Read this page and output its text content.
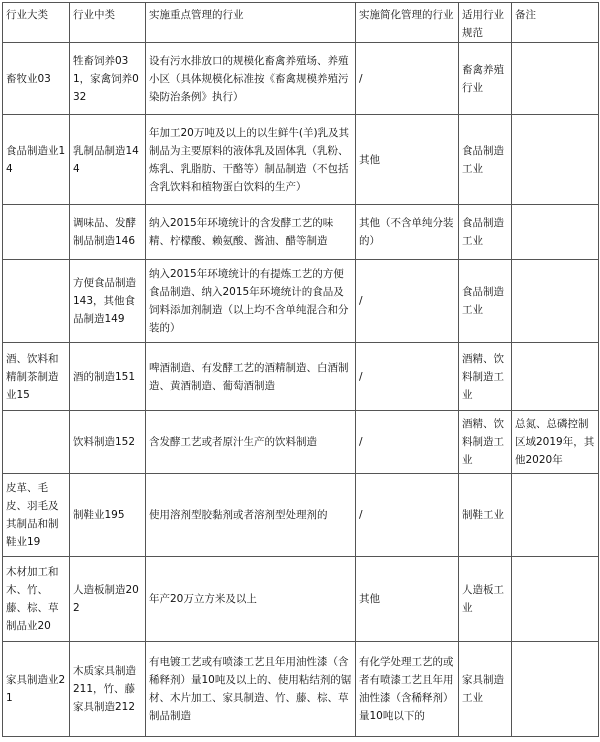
行业大类	行业中类	实施重点管理的行业	实施简化管理的行业	适用行业规范	备注
畜牧业03	牲畜饲养031，家禽饲养032	设有污水排放口的规模化畜禽养殖场、养殖小区（具体规模化标准按《畜禽规模养殖污染防治条例》执行）	/	畜禽养殖行业	
食品制造业14	乳制品制造144	年加工20万吨及以上的以生鲜牛(羊)乳及其制品为主要原料的液体乳及固体乳（乳粉、炼乳、乳脂肪、干酪等）制品制造（不包括含乳饮料和植物蛋白饮料的生产）	其他	食品制造工业	
	调味品、发酵制品制造146	纳入2015年环境统计的含发酵工艺的味精、柠檬酸、赖氨酸、酱油、醋等制造	其他（不含单纯分装的）	食品制造工业	
	方便食品制造143，其他食品制造149	纳入2015年环境统计的有提炼工艺的方便食品制造、纳入2015年环境统计的食品及饲料添加剂制造（以上均不含单纯混合和分装的）	/	食品制造工业	
酒、饮料和精制茶制造业15	酒的制造151	啤酒制造、有发酵工艺的酒精制造、白酒制造、黄酒制造、葡萄酒制造	/	酒精、饮料制造工业	
	饮料制造152	含发酵工艺或者原汁生产的饮料制造	/	酒精、饮料制造工业	总氮、总磷控制区域2019年，其他2020年
皮革、毛皮、羽毛及其制品和制鞋业19	制鞋业195	使用溶剂型胶黏剂或者溶剂型处理剂的	/	制鞋工业	
木材加工和木、竹、藤、棕、草制品业20	人造板制造202	年产20万立方米及以上	其他	人造板工业	
家具制造业21	木质家具制造211，竹、藤家具制造212	有电镀工艺或有喷漆工艺且年用油性漆（含稀释剂）量10吨及以上的、使用粘结剂的锯材、木片加工、家具制造、竹、藤、棕、草制品制造	有化学处理工艺的或者有喷漆工艺且年用油性漆（含稀释剂）量10吨以下的	家具制造工业	
